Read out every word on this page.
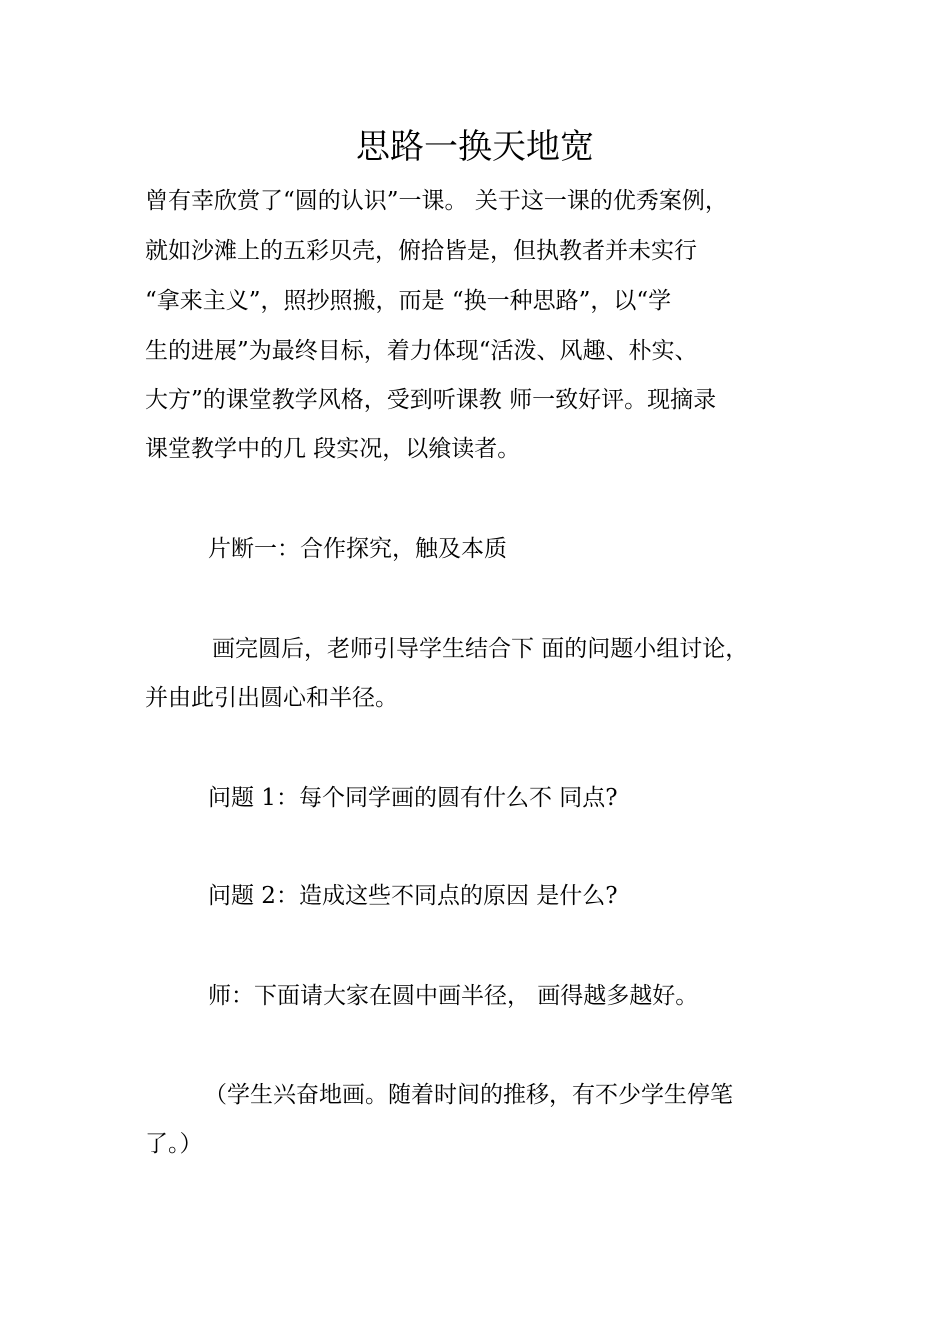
思路一换天地宽

曾有幸欣赏了“圆的认识”一课。 关于这一课的优秀案例，

就如沙滩上的五彩贝壳，俯拾皆是，但执教者并未实行

“拿来主义”，照抄照搬，而是 “换一种思路”，以“学

生的进展”为最终目标，着力体现“活泼、风趣、朴实、

大方”的课堂教学风格，受到听课教 师一致好评。现摘录

课堂教学中的几 段实况，以飨读者。

片断一：合作探究，触及本质

画完圆后，老师引导学生结合下 面的问题小组讨论，

并由此引出圆心和半径。

问题 1：每个同学画的圆有什么不 同点?

问题 2：造成这些不同点的原因 是什么?

师：下面请大家在圆中画半径， 画得越多越好。

（学生兴奋地画。随着时间的推移，有不少学生停笔

了。）
